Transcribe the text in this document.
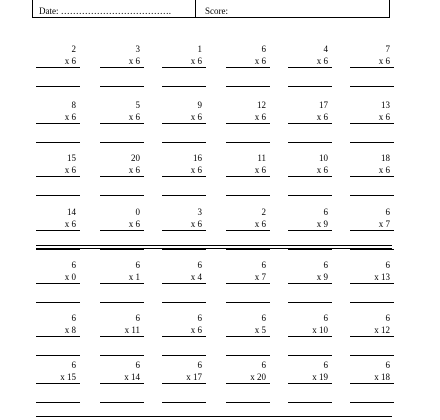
Date: ……………………………….	Score:
2
x 6
3
x 6
1
x 6
6
x 6
4
x 6
7
x 6
8
x 6
5
x 6
9
x 6
12
x 6
17
x 6
13
x 6
15
x 6
20
x 6
16
x 6
11
x 6
10
x 6
18
x 6
14
x 6
0
x 6
3
x 6
2
x 6
6
x 9
6
x 7
6
x 0
6
x 1
6
x 4
6
x 7
6
x 9
6
x 13
6
x 8
6
x 11
6
x 6
6
x 5
6
x 10
6
x 12
6
x 15
6
x 14
6
x 17
6
x 20
6
x 19
6
x 18
